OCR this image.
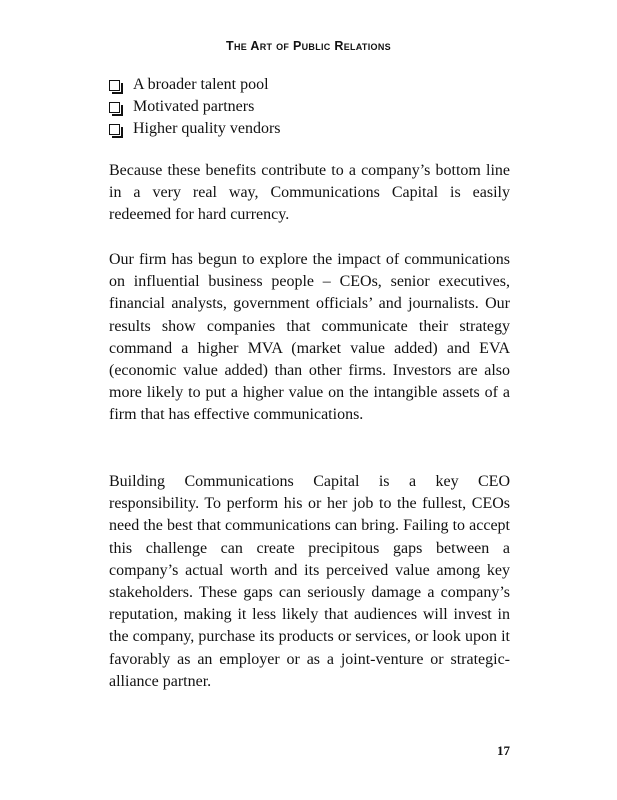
The Art of Public Relations
A broader talent pool
Motivated partners
Higher quality vendors

Because these benefits contribute to a company’s bottom line in a very real way, Communications Capital is easily redeemed for hard currency.

Our firm has begun to explore the impact of communications on influential business people – CEOs, senior executives, financial analysts, government officials’ and journalists. Our results show companies that communicate their strategy command a higher MVA (market value added) and EVA (economic value added) than other firms. Investors are also more likely to put a higher value on the intangible assets of a firm that has effective communications.

Building Communications Capital is a key CEO responsibility. To perform his or her job to the fullest, CEOs need the best that communications can bring. Failing to accept this challenge can create precipitous gaps between a company’s actual worth and its perceived value among key stakeholders. These gaps can seriously damage a company’s reputation, making it less likely that audiences will invest in the company, purchase its products or services, or look upon it favorably as an employer or as a joint-venture or strategic-alliance partner.

17
